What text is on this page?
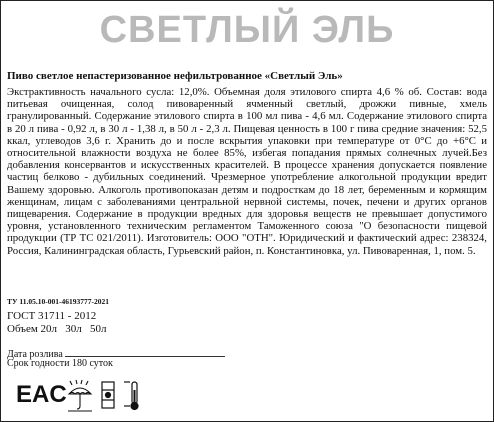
СВЕТЛЫЙ ЭЛЬ
Пиво светлое непастеризованное нефильтрованное «Светлый Эль»

Экстрактивность начального сусла: 12,0%. Объемная доля этилового спирта 4,6 % об. Состав: вода питьевая очищенная, солод пивоваренный ячменный светлый, дрожжи пивные, хмель гранулированный. Содержание этилового спирта в 100 мл пива - 4,6 мл. Содержание этилового спирта в 20 л пива - 0,92 л, в 30 л - 1,38 л, в 50 л - 2,3 л. Пищевая ценность в 100 г пива средние значения: 52,5 ккал, углеводов 3,6 г. Хранить до и после вскрытия упаковки при температуре от 0°C до +6°C и относительной влажности воздуха не более 85%, избегая попадания прямых солнечных лучей.Без добавления консервантов и искусственных красителей. В процессе хранения допускается появление частиц белково - дубильных соединений. Чрезмерное употребление алкогольной продукции вредит Вашему здоровью. Алкоголь противопоказан детям и подросткам до 18 лет, беременным и кормящим женщинам, лицам с заболеваниями центральной нервной системы, почек, печени и других органов пищеварения. Содержание в продукции вредных для здоровья веществ не превышает допустимого уровня, установленного техническим регламентом Таможенного союза "О безопасности пищевой продукции (ТР ТС 021/2011). Изготовитель: ООО "ОТН". Юридический и фактический адрес: 238324, Россия, Калининградская область, Гурьевский район, п. Константиновка, ул. Пивоваренная, 1, пом. 5.

ТУ 11.05.10-001-46193777-2021
ГОСТ 31711 - 2012
Объем 20л   30л   50л
Дата розлива
Срок годности 180 суток
EAC
